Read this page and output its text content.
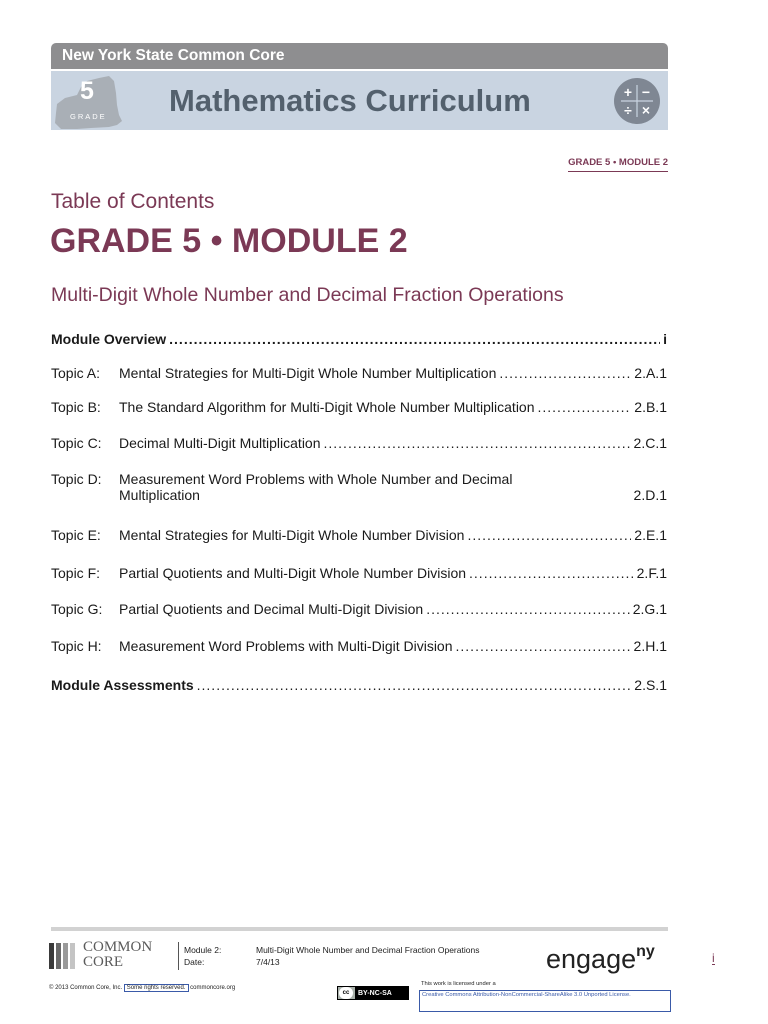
New York State Common Core
5
GRADE Mathematics Curriculum	+ −
÷ ×
GRADE 5 • MODULE 2
Table of Contents
GRADE 5 • MODULE 2
Multi-Digit Whole Number and Decimal Fraction Operations
Module Overview .....	i
Topic A:	Mental Strategies for Multi-Digit Whole Number Multiplication .....	2.A.1
Topic B:	The Standard Algorithm for Multi-Digit Whole Number Multiplication .....	2.B.1
Topic C:	Decimal Multi-Digit Multiplication .....	2.C.1
Topic D:	Measurement Word Problems with Whole Number and Decimal
Multiplication	2.D.1
Topic E:	Mental Strategies for Multi-Digit Whole Number Division .....	2.E.1
Topic F:	Partial Quotients and Multi-Digit Whole Number Division .....	2.F.1
Topic G:	Partial Quotients and Decimal Multi-Digit Division .....	2.G.1
Topic H:	Measurement Word Problems with Multi-Digit Division .....	2.H.1
Module Assessments .....	2.S.1
COMMON
CORE
Module 2:	Multi-Digit Whole Number and Decimal Fraction Operations
Date:	7/4/13	engage$^{ny}$	i
© 2013 Common Core, Inc. Some rights reserved. commoncore.org
cc	BY-NC-SA
This work is licensed under a
Creative Commons Attribution-NonCommercial-ShareAlike 3.0 Unported License.
